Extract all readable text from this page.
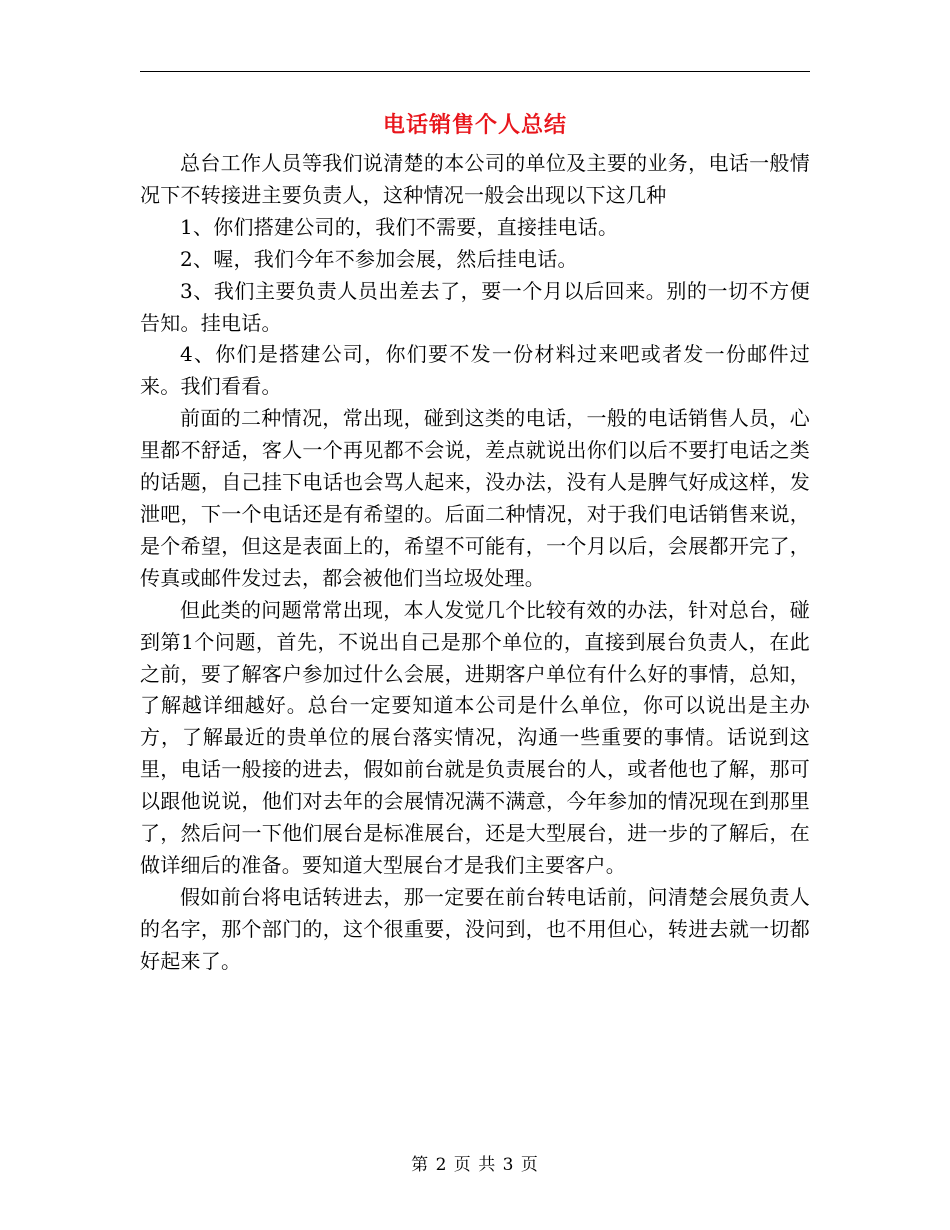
电话销售个人总结

总台工作人员等我们说清楚的本公司的单位及主要的业务，电话一般情况下不转接进主要负责人，这种情况一般会出现以下这几种

1、你们搭建公司的，我们不需要，直接挂电话。

2、喔，我们今年不参加会展，然后挂电话。

3、我们主要负责人员出差去了，要一个月以后回来。别的一切不方便告知。挂电话。

4、你们是搭建公司，你们要不发一份材料过来吧或者发一份邮件过来。我们看看。

前面的二种情况，常出现，碰到这类的电话，一般的电话销售人员，心里都不舒适，客人一个再见都不会说，差点就说出你们以后不要打电话之类的话题，自己挂下电话也会骂人起来，没办法，没有人是脾气好成这样，发泄吧，下一个电话还是有希望的。后面二种情况，对于我们电话销售来说，是个希望，但这是表面上的，希望不可能有，一个月以后，会展都开完了，传真或邮件发过去，都会被他们当垃圾处理。

但此类的问题常常出现，本人发觉几个比较有效的办法，针对总台，碰到第1个问题，首先，不说出自己是那个单位的，直接到展台负责人，在此之前，要了解客户参加过什么会展，进期客户单位有什么好的事情，总知，了解越详细越好。总台一定要知道本公司是什么单位，你可以说出是主办方，了解最近的贵单位的展台落实情况，沟通一些重要的事情。话说到这里，电话一般接的进去，假如前台就是负责展台的人，或者他也了解，那可以跟他说说，他们对去年的会展情况满不满意，今年参加的情况现在到那里了，然后问一下他们展台是标准展台，还是大型展台，进一步的了解后，在做详细后的准备。要知道大型展台才是我们主要客户。

假如前台将电话转进去，那一定要在前台转电话前，问清楚会展负责人的名字，那个部门的，这个很重要，没问到，也不用但心，转进去就一切都好起来了。

第 2 页 共 3 页
